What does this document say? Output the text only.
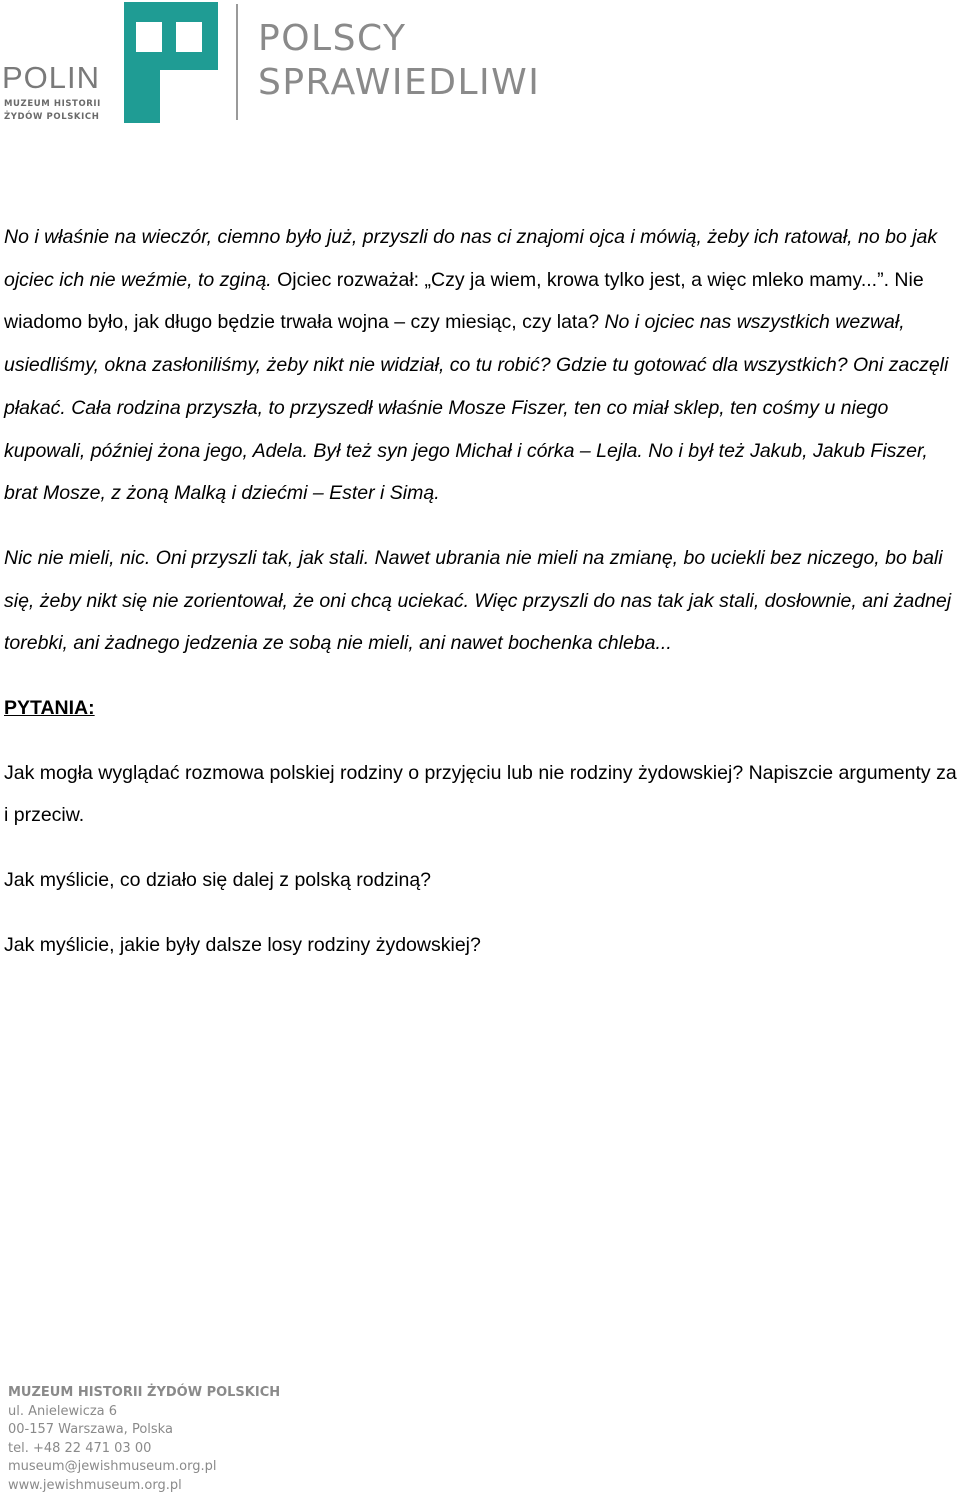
POLIN
MUZEUM HISTORII
ŻYDÓW POLSKICH
POLSCY
SPRAWIEDLIWI

No i właśnie na wieczór, ciemno było już, przyszli do nas ci znajomi ojca i mówią, żeby ich ratował, no bo jak ojciec ich nie weźmie, to zginą. Ojciec rozważał: „Czy ja wiem, krowa tylko jest, a więc mleko mamy...”. Nie wiadomo było, jak długo będzie trwała wojna – czy miesiąc, czy lata? No i ojciec nas wszystkich wezwał, usiedliśmy, okna zasłoniliśmy, żeby nikt nie widział, co tu robić? Gdzie tu gotować dla wszystkich? Oni zaczęli płakać. Cała rodzina przyszła, to przyszedł właśnie Mosze Fiszer, ten co miał sklep, ten cośmy u niego kupowali, później żona jego, Adela. Był też syn jego Michał i córka – Lejla. No i był też Jakub, Jakub Fiszer, brat Mosze, z żoną Malką i dziećmi – Ester i Simą.

Nic nie mieli, nic. Oni przyszli tak, jak stali. Nawet ubrania nie mieli na zmianę, bo uciekli bez niczego, bo bali się, żeby nikt się nie zorientował, że oni chcą uciekać. Więc przyszli do nas tak jak stali, dosłownie, ani żadnej torebki, ani żadnego jedzenia ze sobą nie mieli, ani nawet bochenka chleba...

PYTANIA:

Jak mogła wyglądać rozmowa polskiej rodziny o przyjęciu lub nie rodziny żydowskiej? Napiszcie argumenty za i przeciw.

Jak myślicie, co działo się dalej z polską rodziną?

Jak myślicie, jakie były dalsze losy rodziny żydowskiej?

MUZEUM HISTORII ŻYDÓW POLSKICH
ul. Anielewicza 6
00-157 Warszawa, Polska
tel. +48 22 471 03 00
museum@jewishmuseum.org.pl
www.jewishmuseum.org.pl
